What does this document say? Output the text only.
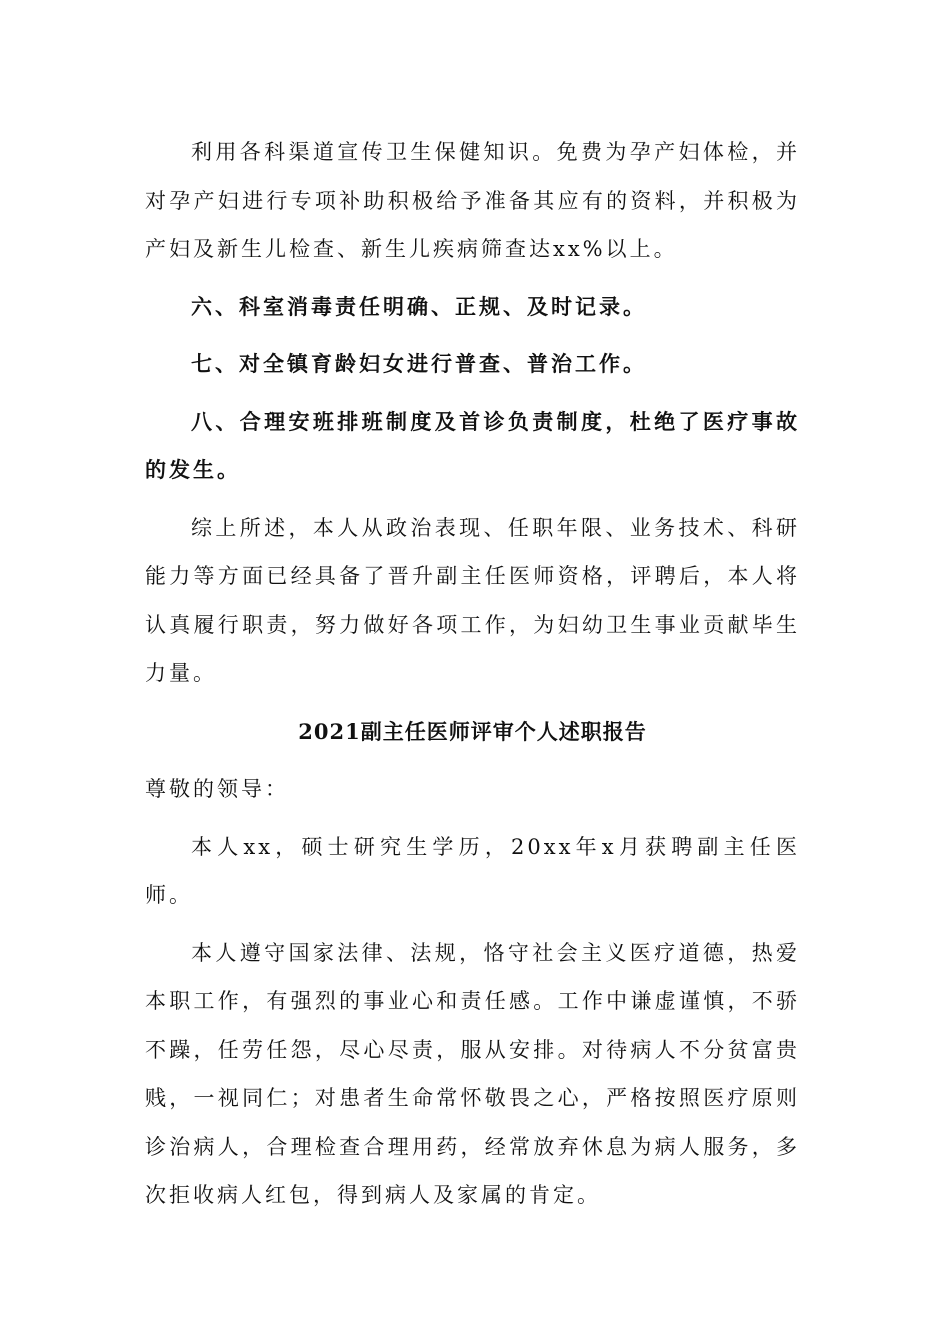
利用各科渠道宣传卫生保健知识。免费为孕产妇体检，并对孕产妇进行专项补助积极给予准备其应有的资料，并积极为产妇及新生儿检查、新生儿疾病筛查达xx%以上。

六、科室消毒责任明确、正规、及时记录。

七、对全镇育龄妇女进行普查、普治工作。

八、合理安班排班制度及首诊负责制度，杜绝了医疗事故的发生。

综上所述，本人从政治表现、任职年限、业务技术、科研能力等方面已经具备了晋升副主任医师资格，评聘后，本人将认真履行职责，努力做好各项工作，为妇幼卫生事业贡献毕生力量。

2021副主任医师评审个人述职报告

尊敬的领导：

本人xx，硕士研究生学历，20xx年x月获聘副主任医师。

本人遵守国家法律、法规，恪守社会主义医疗道德，热爱本职工作，有强烈的事业心和责任感。工作中谦虚谨慎，不骄不躁，任劳任怨，尽心尽责，服从安排。对待病人不分贫富贵贱，一视同仁；对患者生命常怀敬畏之心，严格按照医疗原则诊治病人，合理检查合理用药，经常放弃休息为病人服务，多次拒收病人红包，得到病人及家属的肯定。
